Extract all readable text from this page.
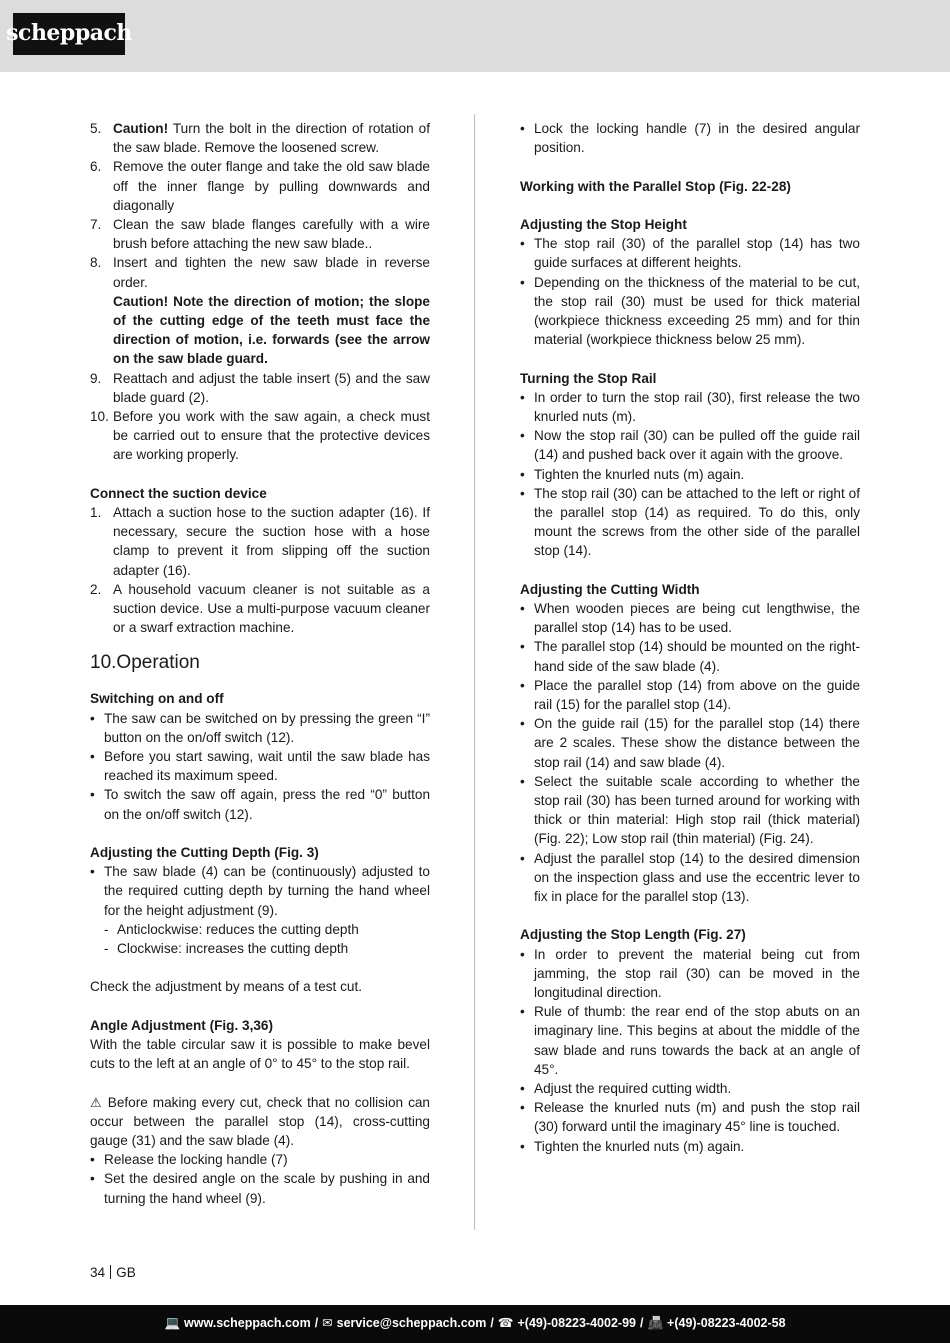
scheppach
5. Caution! Turn the bolt in the direction of rotation of the saw blade. Remove the loosened screw.
6. Remove the outer flange and take the old saw blade off the inner flange by pulling downwards and diagonally
7. Clean the saw blade flanges carefully with a wire brush before attaching the new saw blade..
8. Insert and tighten the new saw blade in reverse order.
Caution! Note the direction of motion; the slope of the cutting edge of the teeth must face the direction of motion, i.e. forwards (see the arrow on the saw blade guard.
9. Reattach and adjust the table insert (5) and the saw blade guard (2).
10. Before you work with the saw again, a check must be carried out to ensure that the protective devices are working properly.

Connect the suction device

1. Attach a suction hose to the suction adapter (16). If necessary, secure the suction hose with a hose clamp to prevent it from slipping off the suction adapter (16).
2. A household vacuum cleaner is not suitable as a suction device. Use a multi-purpose vacuum cleaner or a swarf extraction machine.
10.Operation

Switching on and off

• The saw can be switched on by pressing the green “I” button on the on/off switch (12).
• Before you start sawing, wait until the saw blade has reached its maximum speed.
• To switch the saw off again, press the red “0” button on the on/off switch (12).

Adjusting the Cutting Depth (Fig. 3)

• The saw blade (4) can be (continuously) adjusted to the required cutting depth by turning the hand wheel for the height adjustment (9).
- Anticlockwise: reduces the cutting depth
- Clockwise: increases the cutting depth

Check the adjustment by means of a test cut.

Angle Adjustment (Fig. 3,36)

With the table circular saw it is possible to make bevel cuts to the left at an angle of 0° to 45° to the stop rail.

⚠ Before making every cut, check that no collision can occur between the parallel stop (14), cross-cutting gauge (31) and the saw blade (4).

• Release the locking handle (7)
• Set the desired angle on the scale by pushing in and turning the hand wheel (9).
• Lock the locking handle (7) in the desired angular position.

Working with the Parallel Stop (Fig. 22-28)

Adjusting the Stop Height

• The stop rail (30) of the parallel stop (14) has two guide surfaces at different heights.
• Depending on the thickness of the material to be cut, the stop rail (30) must be used for thick material (workpiece thickness exceeding 25 mm) and for thin material (workpiece thickness below 25 mm).

Turning the Stop Rail

• In order to turn the stop rail (30), first release the two knurled nuts (m).
• Now the stop rail (30) can be pulled off the guide rail (14) and pushed back over it again with the groove.
• Tighten the knurled nuts (m) again.
• The stop rail (30) can be attached to the left or right of the parallel stop (14) as required. To do this, only mount the screws from the other side of the parallel stop (14).

Adjusting the Cutting Width

• When wooden pieces are being cut lengthwise, the parallel stop (14) has to be used.
• The parallel stop (14) should be mounted on the right-hand side of the saw blade (4).
• Place the parallel stop (14) from above on the guide rail (15) for the parallel stop (14).
• On the guide rail (15) for the parallel stop (14) there are 2 scales. These show the distance between the stop rail (14) and saw blade (4).
• Select the suitable scale according to whether the stop rail (30) has been turned around for working with thick or thin material: High stop rail (thick material) (Fig. 22); Low stop rail (thin material) (Fig. 24).
• Adjust the parallel stop (14) to the desired dimension on the inspection glass and use the eccentric lever to fix in place for the parallel stop (13).

Adjusting the Stop Length (Fig. 27)

• In order to prevent the material being cut from jamming, the stop rail (30) can be moved in the longitudinal direction.
• Rule of thumb: the rear end of the stop abuts on an imaginary line. This begins at about the middle of the saw blade and runs towards the back at an angle of 45°.
• Adjust the required cutting width.
• Release the knurled nuts (m) and push the stop rail (30) forward until the imaginary 45° line is touched.
• Tighten the knurled nuts (m) again.
34 GB
💻 www.scheppach.com / ✉ service@scheppach.com / ☎ +(49)-08223-4002-99 / 📠 +(49)-08223-4002-58
